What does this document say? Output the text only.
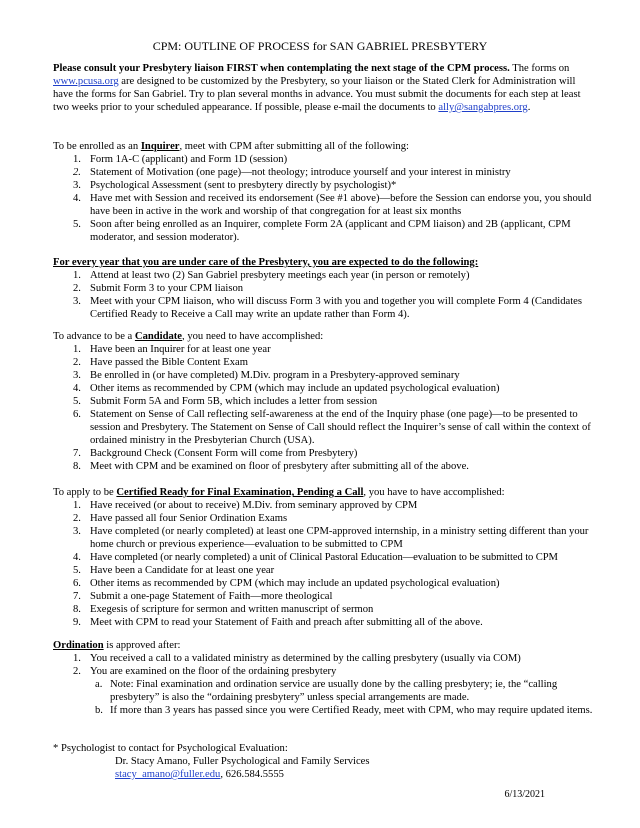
CPM: OUTLINE OF PROCESS for SAN GABRIEL PRESBYTERY

Please consult your Presbytery liaison FIRST when contemplating the next stage of the CPM process. The forms on www.pcusa.org are designed to be customized by the Presbytery, so your liaison or the Stated Clerk for Administration will have the forms for San Gabriel. Try to plan several months in advance. You must submit the documents for each step at least two weeks prior to your scheduled appearance. If possible, please e-mail the documents to ally@sangabpres.org.

To be enrolled as an Inquirer, meet with CPM after submitting all of the following:

1. Form 1A-C (applicant) and Form 1D (session)
2. Statement of Motivation (one page)—not theology; introduce yourself and your interest in ministry
3. Psychological Assessment (sent to presbytery directly by psychologist)*
4. Have met with Session and received its endorsement (See #1 above)—before the Session can endorse you, you should have been in active in the work and worship of that congregation for at least six months
5. Soon after being enrolled as an Inquirer, complete Form 2A (applicant and CPM liaison) and 2B (applicant, CPM moderator, and session moderator).

For every year that you are under care of the Presbytery, you are expected to do the following:

1. Attend at least two (2) San Gabriel presbytery meetings each year (in person or remotely)
2. Submit Form 3 to your CPM liaison
3. Meet with your CPM liaison, who will discuss Form 3 with you and together you will complete Form 4 (Candidates Certified Ready to Receive a Call may write an update rather than Form 4).

To advance to be a Candidate, you need to have accomplished:

1. Have been an Inquirer for at least one year
2. Have passed the Bible Content Exam
3. Be enrolled in (or have completed) M.Div. program in a Presbytery-approved seminary
4. Other items as recommended by CPM (which may include an updated psychological evaluation)
5. Submit Form 5A and Form 5B, which includes a letter from session
6. Statement on Sense of Call reflecting self-awareness at the end of the Inquiry phase (one page)—to be presented to session and Presbytery. The Statement on Sense of Call should reflect the Inquirer’s sense of call within the context of ordained ministry in the Presbyterian Church (USA).
7. Background Check (Consent Form will come from Presbytery)
8. Meet with CPM and be examined on floor of presbytery after submitting all of the above.

To apply to be Certified Ready for Final Examination, Pending a Call, you have to have accomplished:

1. Have received (or about to receive) M.Div. from seminary approved by CPM
2. Have passed all four Senior Ordination Exams
3. Have completed (or nearly completed) at least one CPM-approved internship, in a ministry setting different than your home church or previous experience—evaluation to be submitted to CPM
4. Have completed (or nearly completed) a unit of Clinical Pastoral Education—evaluation to be submitted to CPM
5. Have been a Candidate for at least one year
6. Other items as recommended by CPM (which may include an updated psychological evaluation)
7. Submit a one-page Statement of Faith—more theological
8. Exegesis of scripture for sermon and written manuscript of sermon
9. Meet with CPM to read your Statement of Faith and preach after submitting all of the above.

Ordination is approved after:

1. You received a call to a validated ministry as determined by the calling presbytery (usually via COM)
2. You are examined on the floor of the ordaining presbytery
a. Note: Final examination and ordination service are usually done by the calling presbytery; ie, the “calling presbytery” is also the “ordaining presbytery” unless special arrangements are made.
b. If more than 3 years has passed since you were Certified Ready, meet with CPM, who may require updated items.

* Psychologist to contact for Psychological Evaluation:

Dr. Stacy Amano, Fuller Psychological and Family Services

stacy_amano@fuller.edu, 626.584.5555

6/13/2021
